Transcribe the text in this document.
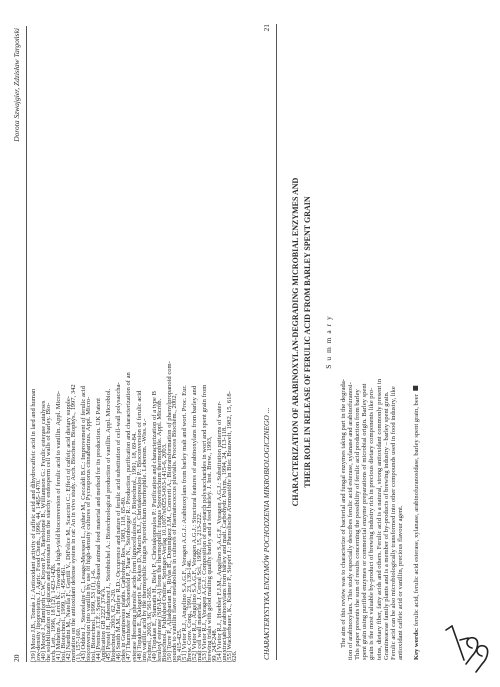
20
Dorota Szwajgier, Zdzisław Targoński
[39] Mozo J.B., Tomás J.: Antioxidant activity of caffeic acid and dihydrocaffeic acid in lard and human
low-density lipoproteins. J. Agric. Food Chem., 1996, 44, 1465-1470.
[40] Moore J., Bamforth C.W., Kroon P.A., Bartolomé B., Williamson G.: Ferulic esterase catalyses
the solubilization of β-glucans and pentosans from the starchy endosperm cell walls of barley. Bio-
tech. Lett., 1996, 18 (12), 1423-1426.
[41] Muheim A., Lerch K.: Towards a high-yield bioconversion of ferulic acid to vanillin. Appl. Micro-
biol. Biotechnol., 1999, 51, 456-461.
[42] Nardini M., Natella F., Gentili V., DiFelice M., Scaccini C.: Effect of caffeic acid dietary supple-
mentation on the antioxidant defense system in rat: An in vivo study. Arch. Biochem. Biophys., 1997, 342
(1), 157-160.
[43] Oddou J., Stentelaire C., Lesage-Meessen L., Asther M., Ceccaldi B.C.: Improvement of ferulic acid
bioconversion into vanillin by use of high-density cultures of Pycnoporus cinnabarinus. Appl. Micro-
biol. Biotechnol., 1999, 53 (1), 1-6.
[44] Prentse J.T.F.: Spent grain-based animal feed material and method for its production. UK Patent
Application GB 2221 374 A.
[45] Prestel H., Rabenhorst J., Steinbüchel A.: Biotechnological production of vanillin. Appl. Microbiol.
Biotechnol., 2003, 62, 2-20.
[46] Smith M.M., Hartley R.D.: Occurrence and nature of ferulic acid substitution of cell-wall polysaccha-
rides in Gramineous plants. Carbohydr. Res., 1983, 118, 65-80.
[47] Thurnhofer M., Schoenfeld P., Paar N., Steinberger R.: Production, purification and characterization of an
esterase liberating phenolic acids from lignocellulosics. J. Biotechnol., 1991, 18, 69-84.
[48] Topakas E., Kalogeris E., Kekos D., Macris B.J., Christakopoulos P.: Bioconversion of ferulic acid
into vanillic acid by the thermophilic fungus Sporotrichum thermophile. Lebensm. -Wiss. u.-
Technol., 2003, 36, 561-565.
[49] Topakas E., Stamatis H., Biely P., Christakopoulos P.: Purification and characterization of a type B
feruloyl esterase (StFAE-A) from the thermophilic fungus Sporotrichum thermophile. Appl. Microb.
Biotechnol., Published Online: Springer-Verlag 10.1007/s00253-003-1415-6, 2003.
[50] Torre P., Aliakbarian B., Rivas B., Domínguez J.M., Converti A.: Biotransformation of phenylpropanoid com-
pounds to vanillin flavor metabolites in cultures of Haematococcus pluvialis. Process Biochem., 2002,
39, 415-425.
[51] Vietor R.J., Angelino S.A.G.F., Voragen A.G.J.: Arabinoxylans from barley malt and wort. Proc. Eur.
Brew. Conv. Cong., 1991, 23, 139-146.
[52] Vietor R.J., Angelino S.A.G.F., Voragen A.G.J.: Structural features of arabinoxylans from barley and
malt cell wall material. J. Cereal Sci., 1992, 15, 213-222.
[53] Vietor R.J., Voragen A.G.J.: Composition of non-starch polysaccharides in wort and spent grain from
brewing trials with good malting quality barley and a feed barley. J. Inst. Brew., 1993,
99, 243-248.
[54] Vietor R.J., Hoebler F.J.M., Angelino S.A.G.F., Voragen A.G.J.: Substitution patterns of water-
unextractable arabinoxylans from barley and malt. Carbohydr. Polym., 1994, 24, 113-118.
[55] Wackerbauer, K., Krämer P., Siepert J.: Phenolische Aromastoffe in Bier. Brauwelt, 1982, 15, 618-
626.	CHARAKTERYSTYKA ENZYMÓW POCHODZENIA MIKROBIOLOGICZNEGO ...
21
CHARACTERIZATION OF ARABINOXYLAN-DEGRADING MICROBIAL ENZYMES AND THEIR ROLE IN RELEASE OF FERULIC ACID FROM BARLEY SPENT GRAIN S u m m a r y
The aim of this review was to characterize of bacterial and fungal enzymes taking part in the degrada- tion of arabinoxylans. This study especially describes ferulic acid esterase, xylanase and arabinofuranosi- This paper presents the sum of results concerning the possibility of ferulic acid production from barley spent grain using purified enzymes or commercial enzyme preparations of microbial origin. Barley spent grain is the most valuable by-product of brewing industry rich in precious dietary components like pro- teins, dietary fiber, fatty acids and others. Ferulic acid is a natural, strong antioxidant commonly present in Gramineaceae family plants and is a member of by-products of brewing industry – barley spent grain. Ferulic acid can be also microbiologically transformed into other compounds used in food industry, like antioxidant caffeic acid or vanillin, precious flavour agent. Key words: ferulic acid, ferulic acid esterase, xylanase, arabinofuranosidase, barley spent grain, beer
